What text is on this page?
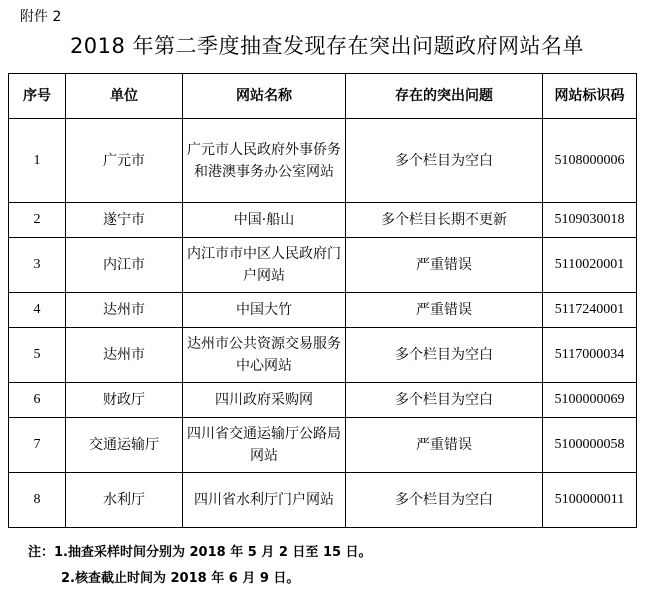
附件 2
2018 年第二季度抽查发现存在突出问题政府网站名单
序号	单位	网站名称	存在的突出问题	网站标识码
1	广元市	广元市人民政府外事侨务和港澳事务办公室网站	多个栏目为空白	5108000006
2	遂宁市	中国·船山	多个栏目长期不更新	5109030018
3	内江市	内江市市中区人民政府门户网站	严重错误	5110020001
4	达州市	中国大竹	严重错误	5117240001
5	达州市	达州市公共资源交易服务中心网站	多个栏目为空白	5117000034
6	财政厅	四川政府采购网	多个栏目为空白	5100000069
7	交通运输厅	四川省交通运输厅公路局网站	严重错误	5100000058
8	水利厅	四川省水利厅门户网站	多个栏目为空白	5100000011
注：1.抽查采样时间分别为 2018 年 5 月 2 日至 15 日。
2.核查截止时间为 2018 年 6 月 9 日。
